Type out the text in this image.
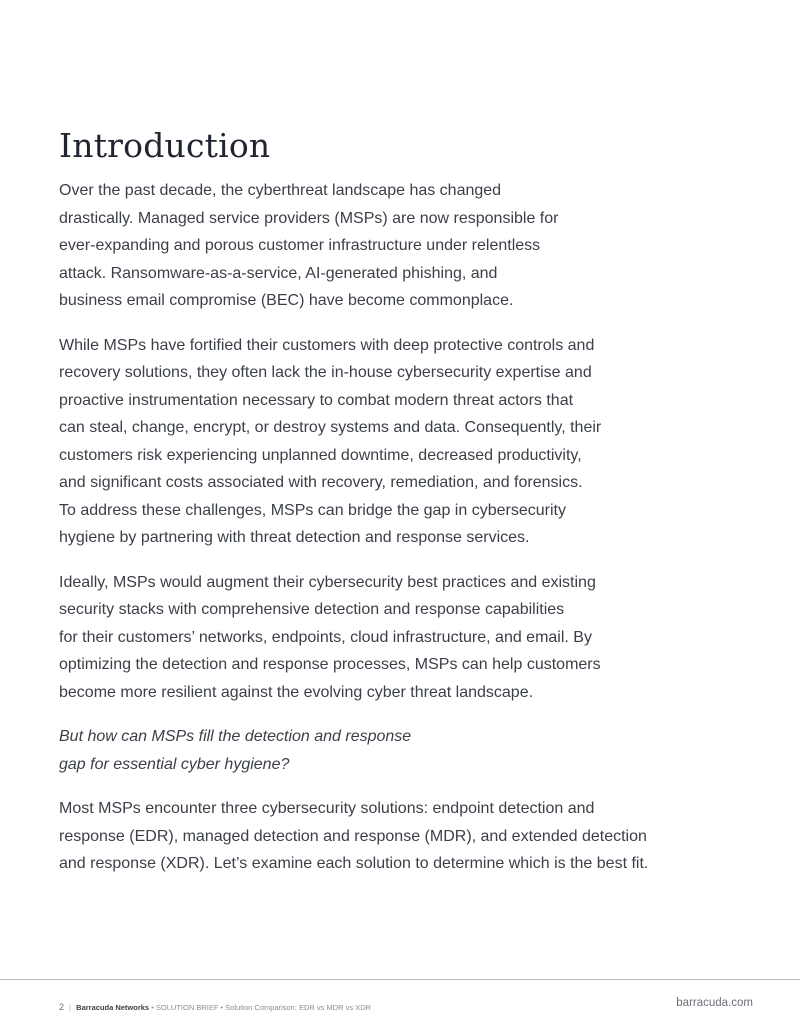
Introduction

Over the past decade, the cyberthreat landscape has changed
drastically. Managed service providers (MSPs) are now responsible for
ever-expanding and porous customer infrastructure under relentless
attack. Ransomware-as-a-service, AI-generated phishing, and
business email compromise (BEC) have become commonplace.

While MSPs have fortified their customers with deep protective controls and
recovery solutions, they often lack the in-house cybersecurity expertise and
proactive instrumentation necessary to combat modern threat actors that
can steal, change, encrypt, or destroy systems and data. Consequently, their
customers risk experiencing unplanned downtime, decreased productivity,
and significant costs associated with recovery, remediation, and forensics.
To address these challenges, MSPs can bridge the gap in cybersecurity
hygiene by partnering with threat detection and response services.

Ideally, MSPs would augment their cybersecurity best practices and existing
security stacks with comprehensive detection and response capabilities
for their customers’ networks, endpoints, cloud infrastructure, and email. By
optimizing the detection and response processes, MSPs can help customers
become more resilient against the evolving cyber threat landscape.

But how can MSPs fill the detection and response
gap for essential cyber hygiene?

Most MSPs encounter three cybersecurity solutions: endpoint detection and
response (EDR), managed detection and response (MDR), and extended detection
and response (XDR). Let’s examine each solution to determine which is the best fit.

2 | Barracuda Networks • SOLUTION BRIEF • Solution Comparison: EDR vs MDR vs XDR	barracuda.com
